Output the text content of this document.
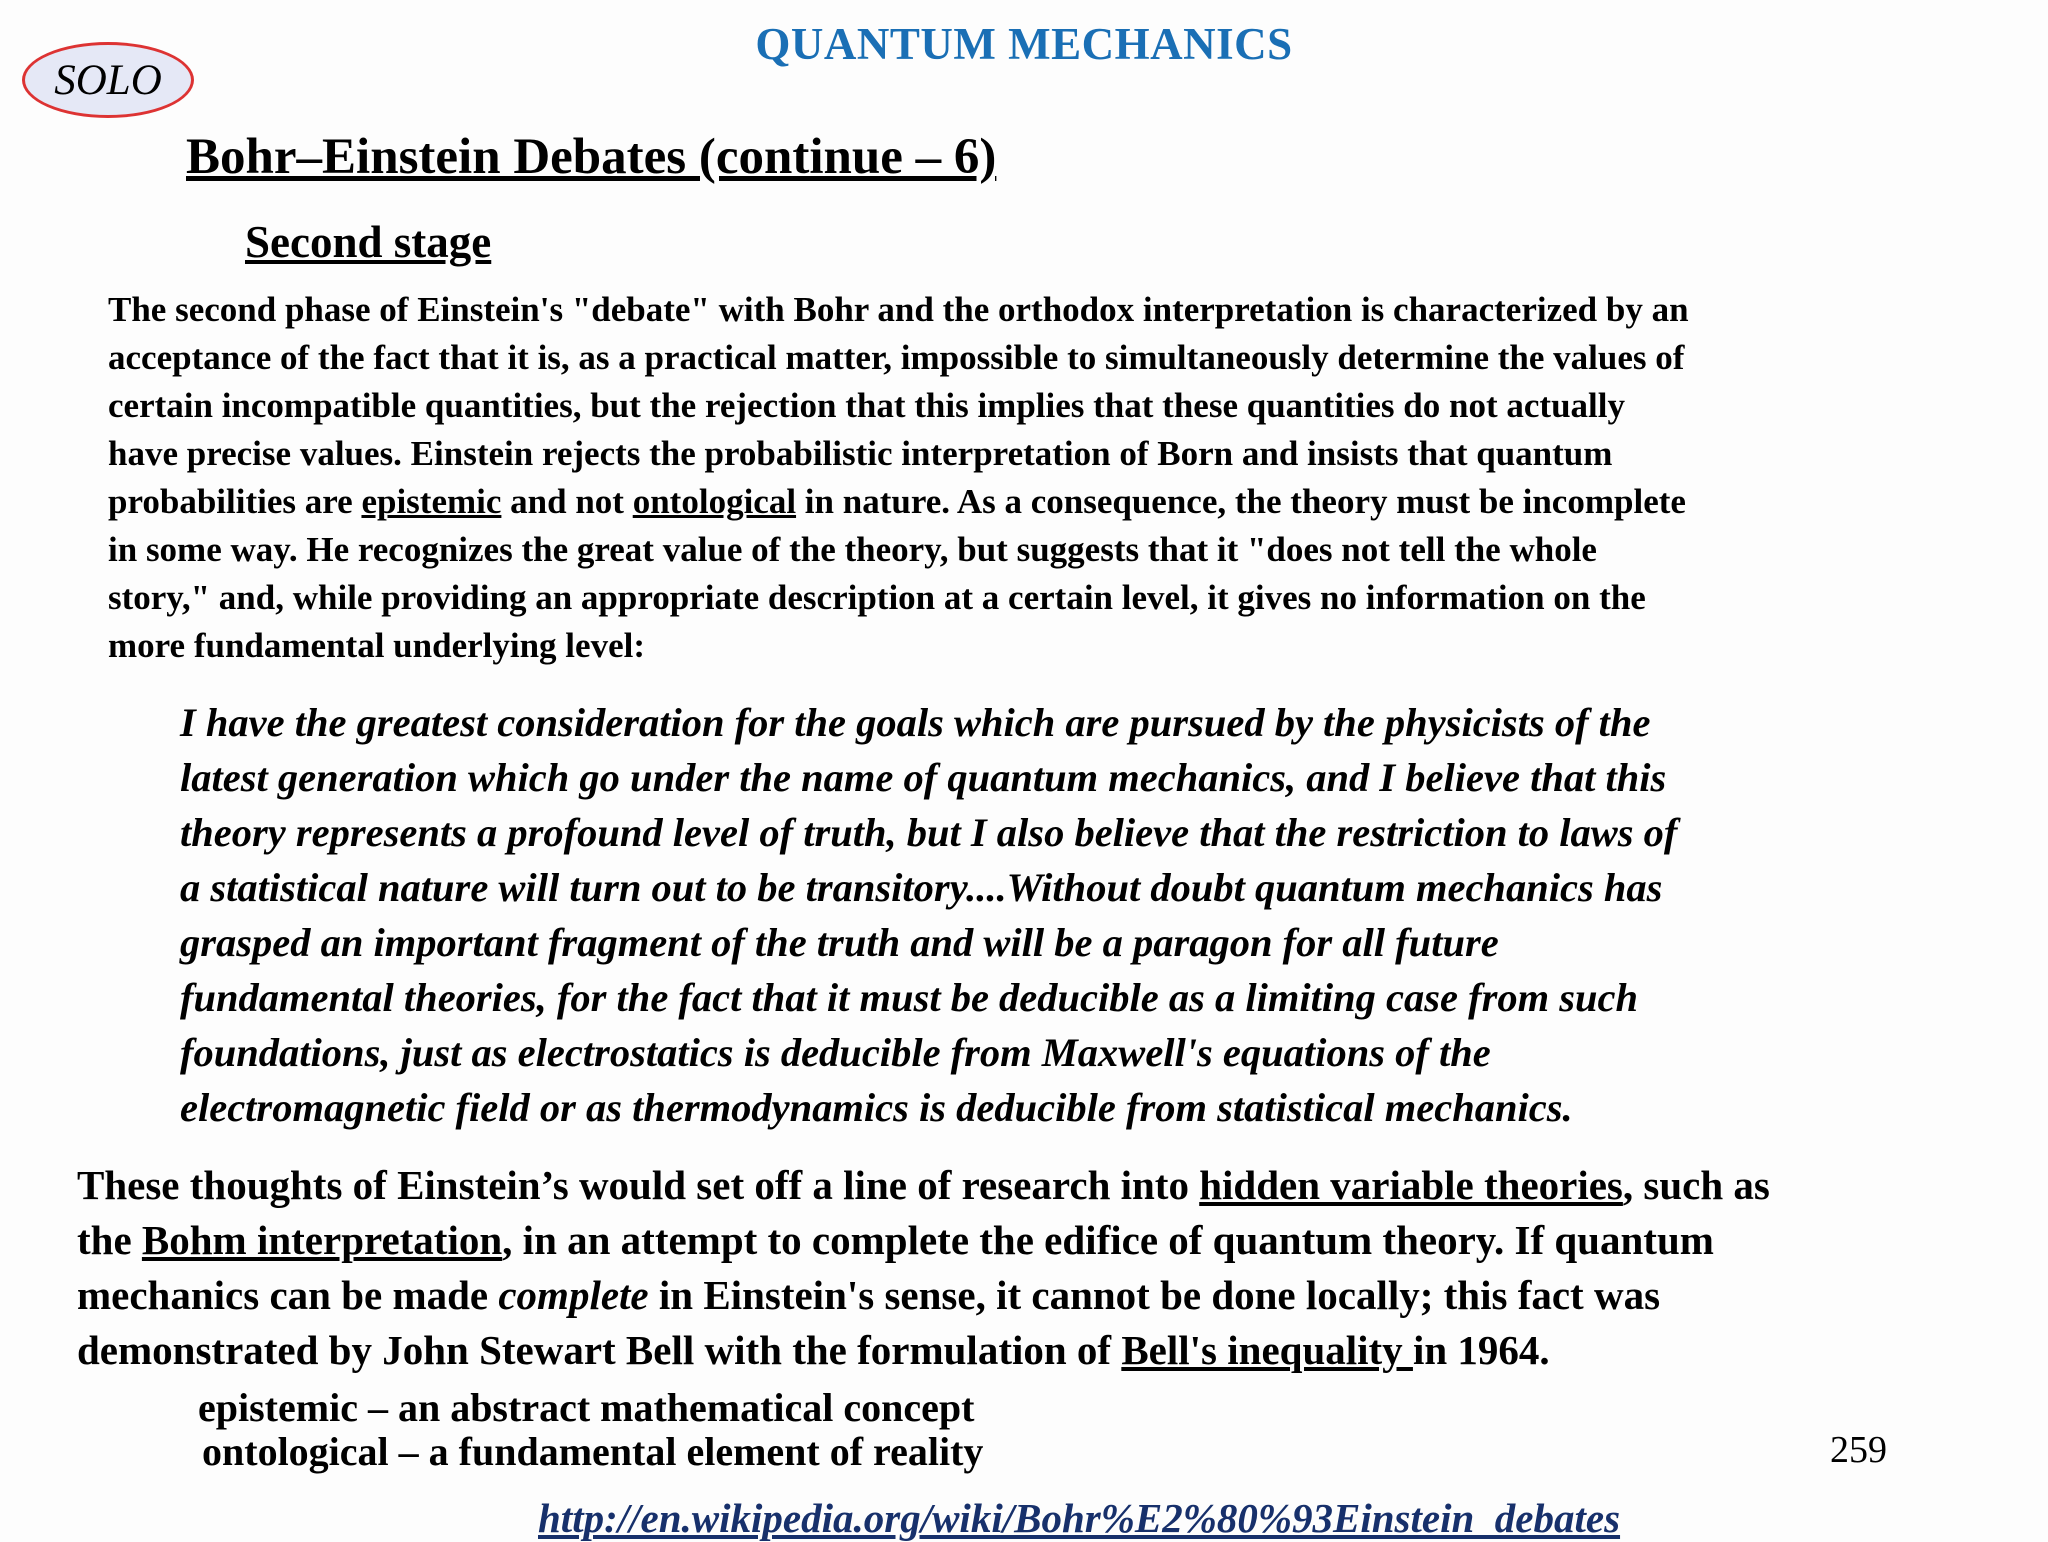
SOLO
QUANTUM MECHANICS
Bohr–Einstein Debates (continue – 6)
Second stage
The second phase of Einstein's "debate" with Bohr and the orthodox interpretation is characterized by an
acceptance of the fact that it is, as a practical matter, impossible to simultaneously determine the values of
certain incompatible quantities, but the rejection that this implies that these quantities do not actually
have precise values. Einstein rejects the probabilistic interpretation of Born and insists that quantum
probabilities are epistemic and not ontological in nature. As a consequence, the theory must be incomplete
in some way. He recognizes the great value of the theory, but suggests that it "does not tell the whole
story," and, while providing an appropriate description at a certain level, it gives no information on the
more fundamental underlying level:
I have the greatest consideration for the goals which are pursued by the physicists of the
latest generation which go under the name of quantum mechanics, and I believe that this
theory represents a profound level of truth, but I also believe that the restriction to laws of
a statistical nature will turn out to be transitory....Without doubt quantum mechanics has
grasped an important fragment of the truth and will be a paragon for all future
fundamental theories, for the fact that it must be deducible as a limiting case from such
foundations, just as electrostatics is deducible from Maxwell's equations of the
electromagnetic field or as thermodynamics is deducible from statistical mechanics.
These thoughts of Einstein’s would set off a line of research into hidden variable theories, such as
the Bohm interpretation, in an attempt to complete the edifice of quantum theory. If quantum
mechanics can be made complete in Einstein's sense, it cannot be done locally; this fact was
demonstrated by John Stewart Bell with the formulation of Bell's inequality in 1964.
epistemic – an abstract mathematical concept
ontological – a fundamental element of reality	259
http://en.wikipedia.org/wiki/Bohr%E2%80%93Einstein_debates
